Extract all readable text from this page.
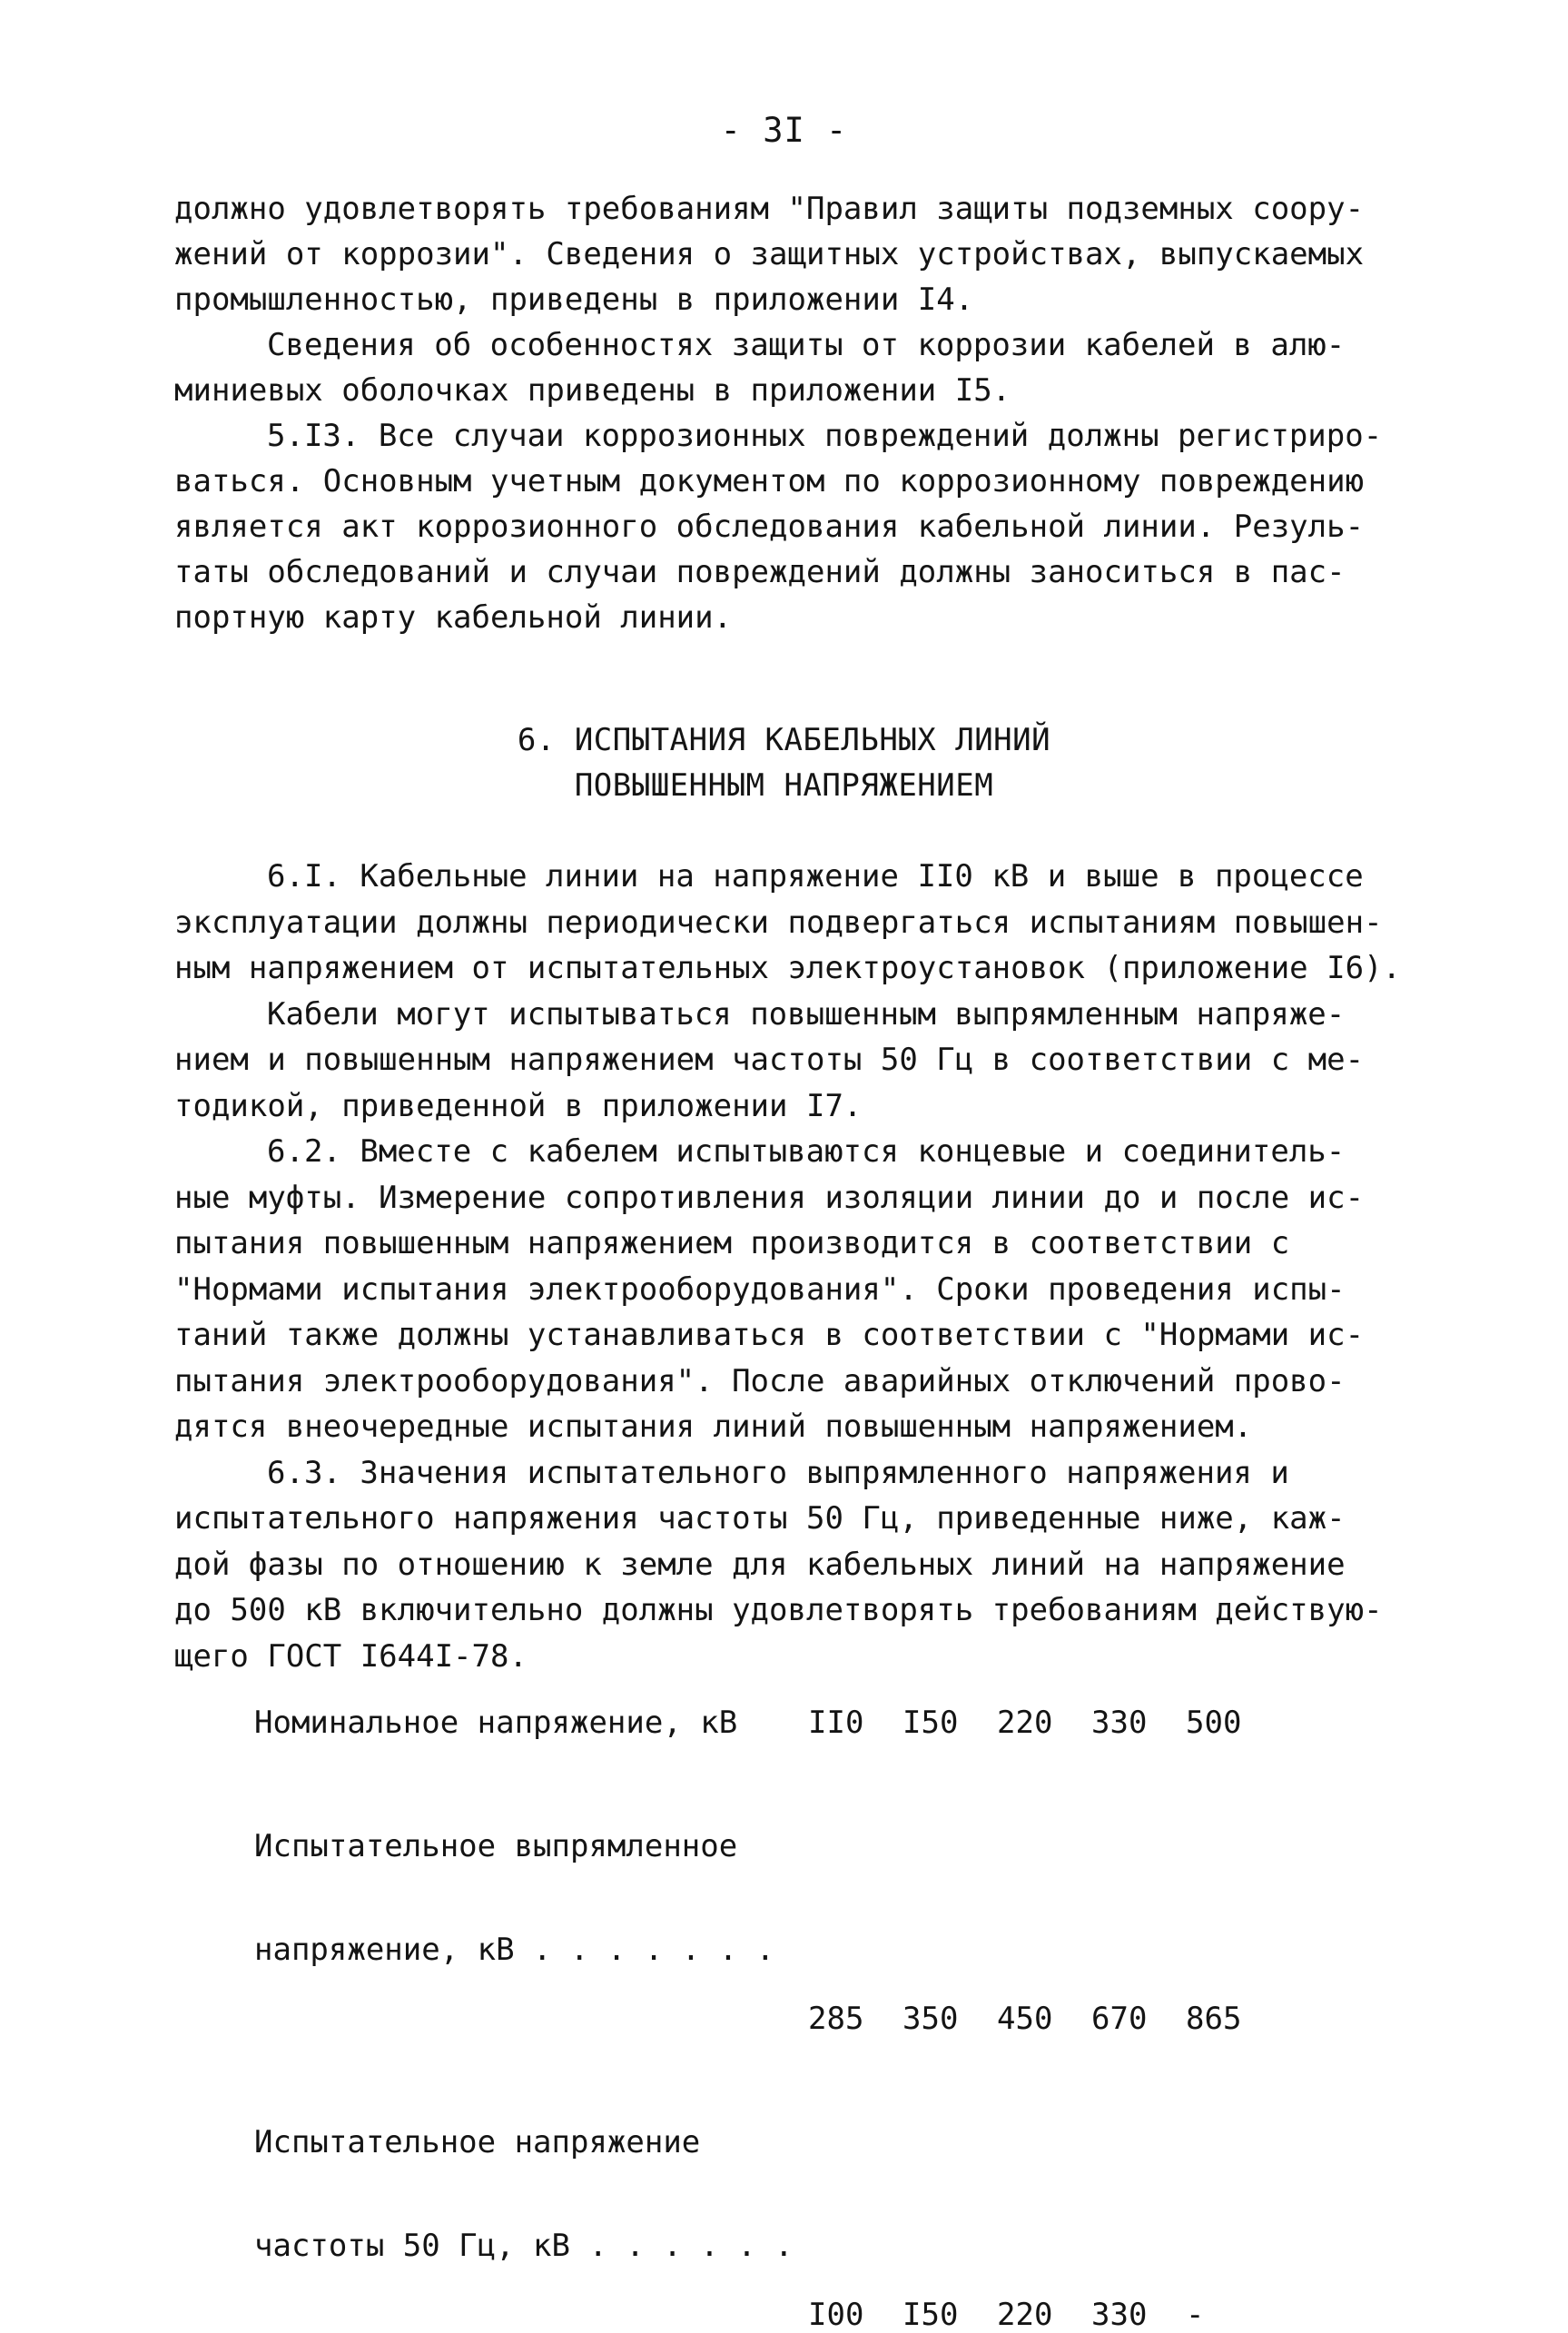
- 3I -

должно удовлетворять требованиям "Правил защиты подземных соору-
жений от коррозии". Сведения о защитных устройствах, выпускаемых
промышленностью, приведены в приложении I4.

Сведения об особенностях защиты от коррозии кабелей в алю-
миниевых оболочках приведены в приложении I5.

5.I3. Все случаи коррозионных повреждений должны регистриро-
ваться. Основным учетным документом по коррозионному повреждению
является акт коррозионного обследования кабельной линии. Резуль-
таты обследований и случаи повреждений должны заноситься в пас-
портную карту кабельной линии.

6. ИСПЫТАНИЯ КАБЕЛЬНЫХ ЛИНИЙ
ПОВЫШЕННЫМ НАПРЯЖЕНИЕМ
6.I. Кабельные линии на напряжение II0 кВ и выше в процессе
эксплуатации должны периодически подвергаться испытаниям повышен-
ным напряжением от испытательных электроустановок (приложение I6).
Кабели могут испытываться повышенным выпрямленным напряже-
нием и повышенным напряжением частоты 50 Гц в соответствии с ме-
тодикой, приведенной в приложении I7.
6.2. Вместе с кабелем испытываются концевые и соединитель-
ные муфты. Измерение сопротивления изоляции линии до и после ис-
пытания повышенным напряжением производится в соответствии с
"Нормами испытания электрооборудования". Сроки проведения испы-
таний также должны устанавливаться в соответствии с "Нормами ис-
пытания электрооборудования". После аварийных отключений прово-
дятся внеочередные испытания линий повышенным напряжением.
6.3. Значения испытательного выпрямленного напряжения и
испытательного напряжения частоты 50 Гц, приведенные ниже, каж-
дой фазы по отношению к земле для кабельных линий на напряжение
до 500 кВ включительно должны удовлетворять требованиям действую-
щего ГОСТ I644I-78.
Номинальное напряжение, кВ	II0	I50	220	330	500

Испытательное выпрямленное

напряжение, кВ . . . . . . .	285	350	450	670	865

Испытательное напряжение

частоты 50 Гц, кВ . . . . . .	I00	I50	220	330	-
